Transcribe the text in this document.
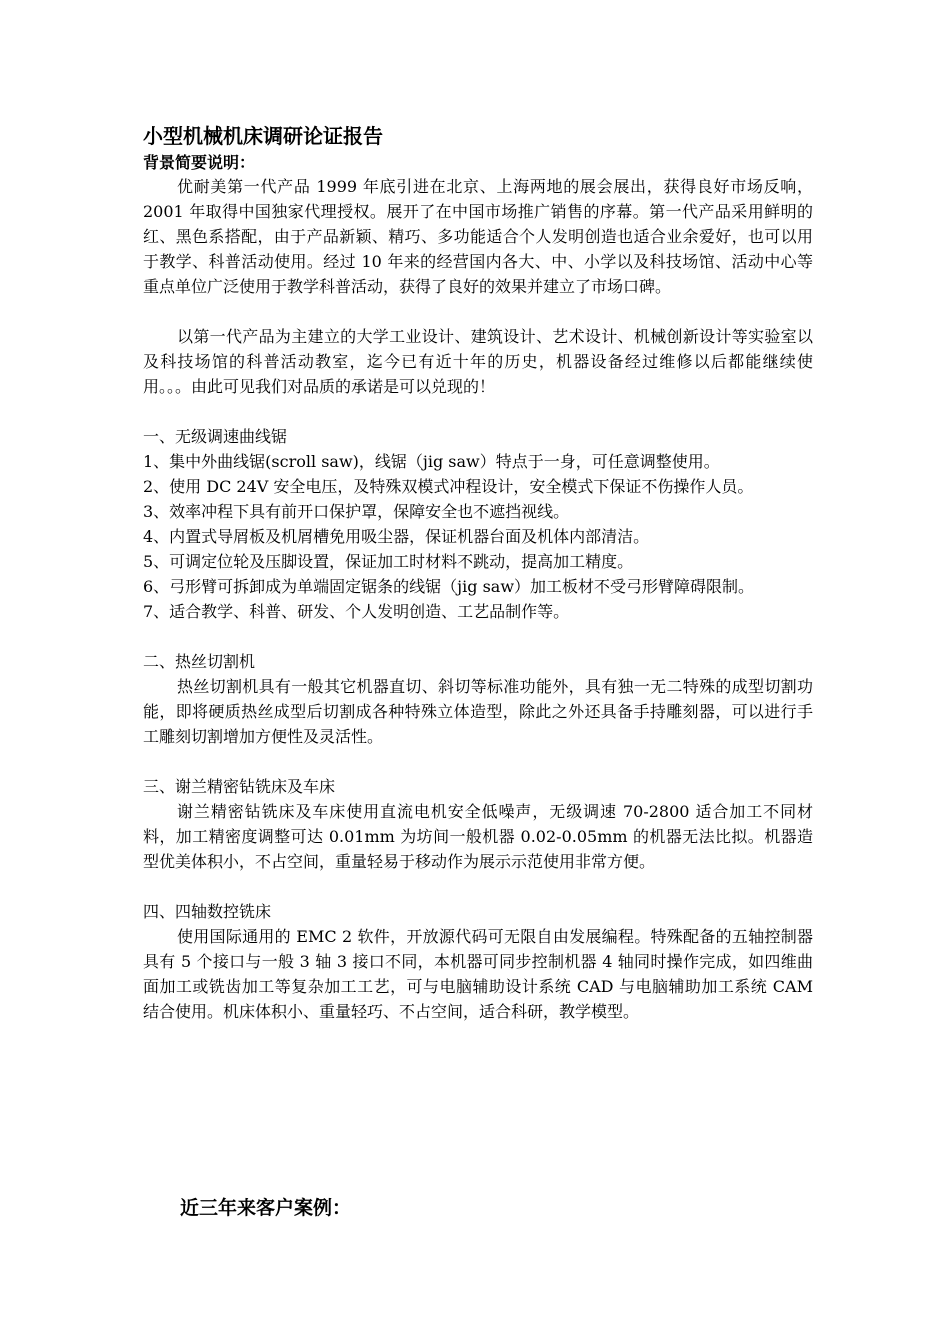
小型机械机床调研论证报告
背景简要说明：

优耐美第一代产品 1999 年底引进在北京、上海两地的展会展出，获得良好市场反响，2001 年取得中国独家代理授权。展开了在中国市场推广销售的序幕。第一代产品采用鲜明的红、黑色系搭配，由于产品新颖、精巧、多功能适合个人发明创造也适合业余爱好，也可以用于教学、科普活动使用。经过 10 年来的经营国内各大、中、小学以及科技场馆、活动中心等重点单位广泛使用于教学科普活动，获得了良好的效果并建立了市场口碑。

以第一代产品为主建立的大学工业设计、建筑设计、艺术设计、机械创新设计等实验室以及科技场馆的科普活动教室，迄今已有近十年的历史，机器设备经过维修以后都能继续使用。。。由此可见我们对品质的承诺是可以兑现的！

一、无级调速曲线锯

1、集中外曲线锯(scroll saw)，线锯（jig saw）特点于一身，可任意调整使用。
2、使用 DC 24V 安全电压，及特殊双模式冲程设计，安全模式下保证不伤操作人员。
3、效率冲程下具有前开口保护罩，保障安全也不遮挡视线。
4、内置式导屑板及机屑槽免用吸尘器，保证机器台面及机体内部清洁。
5、可调定位轮及压脚设置，保证加工时材料不跳动，提高加工精度。
6、弓形臂可拆卸成为单端固定锯条的线锯（jig saw）加工板材不受弓形臂障碍限制。
7、适合教学、科普、研发、个人发明创造、工艺品制作等。

二、热丝切割机

热丝切割机具有一般其它机器直切、斜切等标准功能外，具有独一无二特殊的成型切割功能，即将硬质热丝成型后切割成各种特殊立体造型，除此之外还具备手持雕刻器，可以进行手工雕刻切割增加方便性及灵活性。

三、谢兰精密钻铣床及车床

谢兰精密钻铣床及车床使用直流电机安全低噪声，无级调速 70-2800 适合加工不同材料，加工精密度调整可达 0.01mm 为坊间一般机器 0.02-0.05mm 的机器无法比拟。机器造型优美体积小，不占空间，重量轻易于移动作为展示示范使用非常方便。

四、四轴数控铣床

使用国际通用的 EMC 2 软件，开放源代码可无限自由发展编程。特殊配备的五轴控制器具有 5 个接口与一般 3 轴 3 接口不同，本机器可同步控制机器 4 轴同时操作完成，如四维曲面加工或铣齿加工等复杂加工工艺，可与电脑辅助设计系统 CAD 与电脑辅助加工系统 CAM 结合使用。机床体积小、重量轻巧、不占空间，适合科研，教学模型。

近三年来客户案例：
